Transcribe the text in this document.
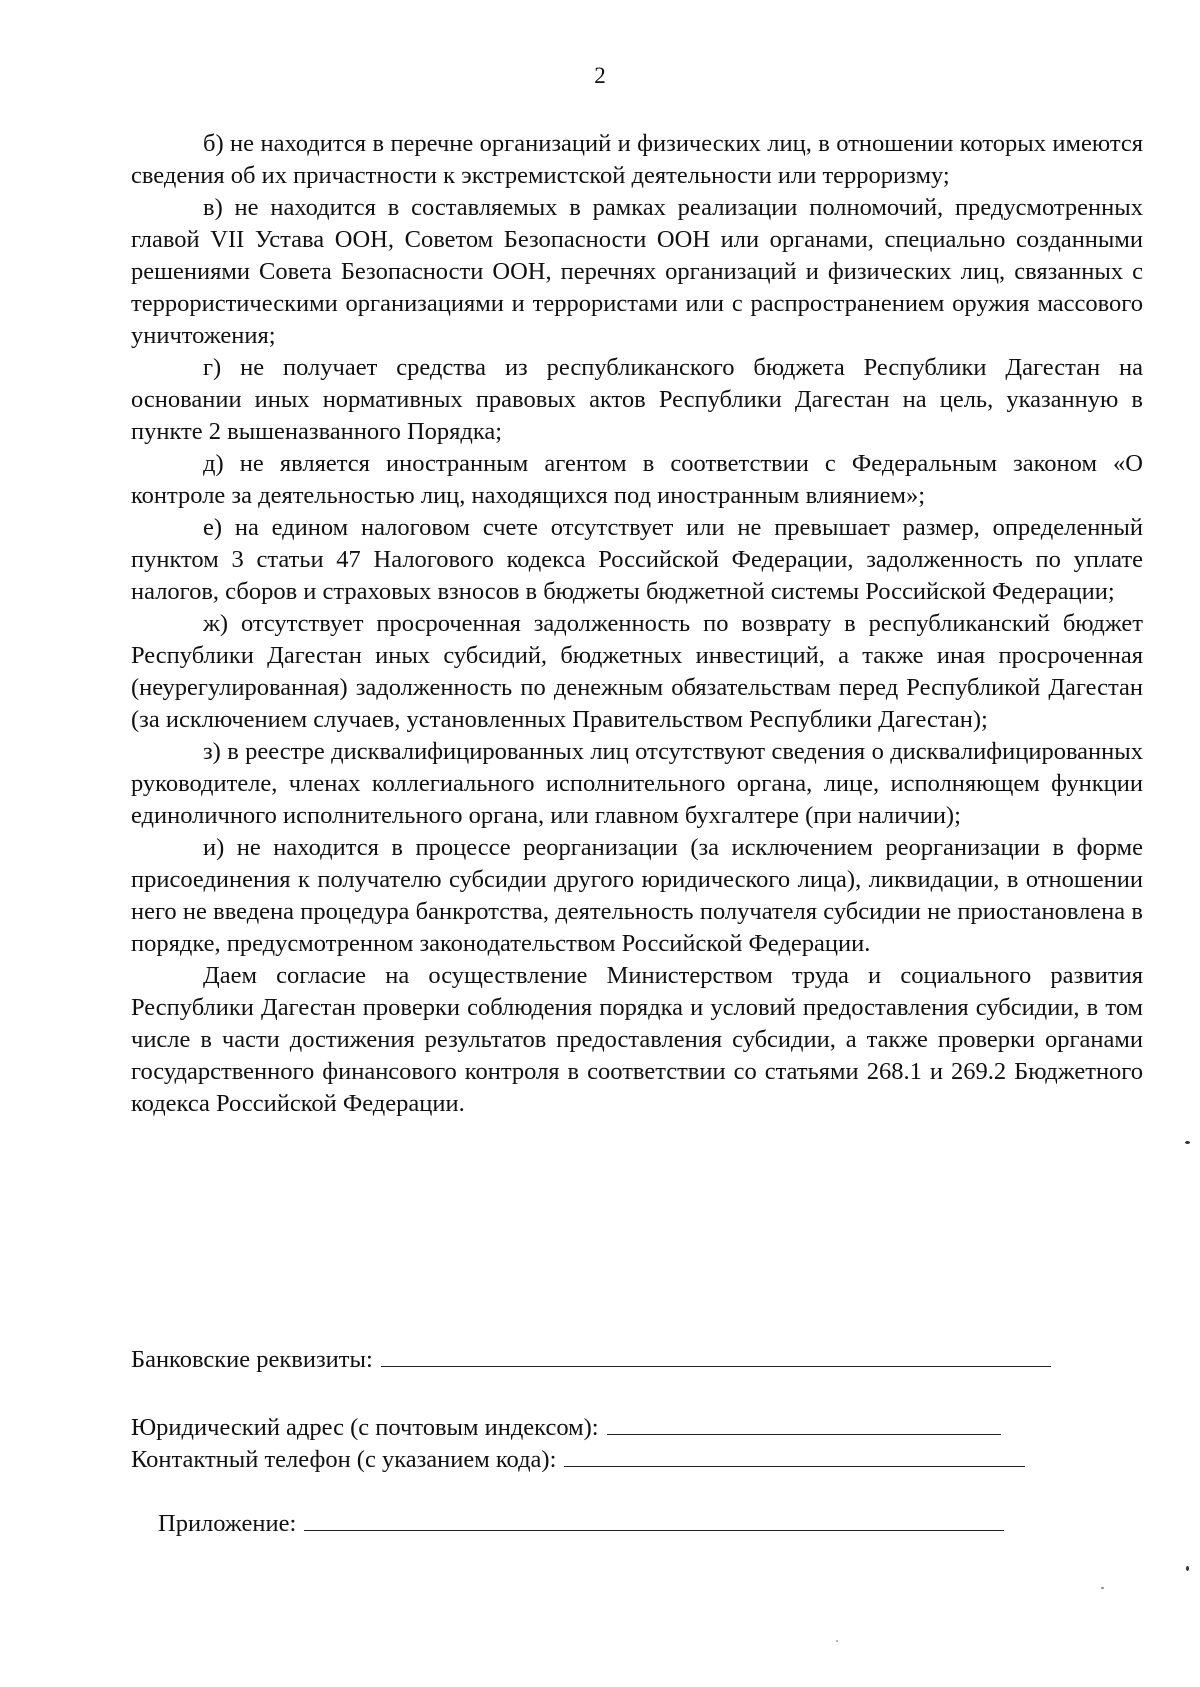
2

б) не находится в перечне организаций и физических лиц, в отношении которых имеются сведения об их причастности к экстремистской деятельности или терроризму;

в) не находится в составляемых в рамках реализации полномочий, предусмотренных главой VII Устава ООН, Советом Безопасности ООН или органами, специально созданными решениями Совета Безопасности ООН, перечнях организаций и физических лиц, связанных с террористическими организациями и террористами или с распространением оружия массового уничтожения;

г) не получает средства из республиканского бюджета Республики Дагестан на основании иных нормативных правовых актов Республики Дагестан на цель, указанную в пункте 2 вышеназванного Порядка;

д) не является иностранным агентом в соответствии с Федеральным законом «О контроле за деятельностью лиц, находящихся под иностранным влиянием»;

е) на едином налоговом счете отсутствует или не превышает размер, определенный пунктом 3 статьи 47 Налогового кодекса Российской Федерации, задолженность по уплате налогов, сборов и страховых взносов в бюджеты бюджетной системы Российской Федерации;

ж) отсутствует просроченная задолженность по возврату в республиканский бюджет Республики Дагестан иных субсидий, бюджетных инвестиций, а также иная просроченная (неурегулированная) задолженность по денежным обязательствам перед Республикой Дагестан (за исключением случаев, установленных Правительством Республики Дагестан);

з) в реестре дисквалифицированных лиц отсутствуют сведения о дисквалифицированных руководителе, членах коллегиального исполнительного органа, лице, исполняющем функции единоличного исполнительного органа, или главном бухгалтере (при наличии);

и) не находится в процессе реорганизации (за исключением реорганизации в форме присоединения к получателю субсидии другого юридического лица), ликвидации, в отношении него не введена процедура банкротства, деятельность получателя субсидии не приостановлена в порядке, предусмотренном законодательством Российской Федерации.

Даем согласие на осуществление Министерством труда и социального развития Республики Дагестан проверки соблюдения порядка и условий предоставления субсидии, в том числе в части достижения результатов предоставления субсидии, а также проверки органами государственного финансового контроля в соответствии со статьями 268.1 и 269.2 Бюджетного кодекса Российской Федерации.

Банковские реквизиты:
Юридический адрес (с почтовым индексом):
Контактный телефон (с указанием кода):
Приложение:
